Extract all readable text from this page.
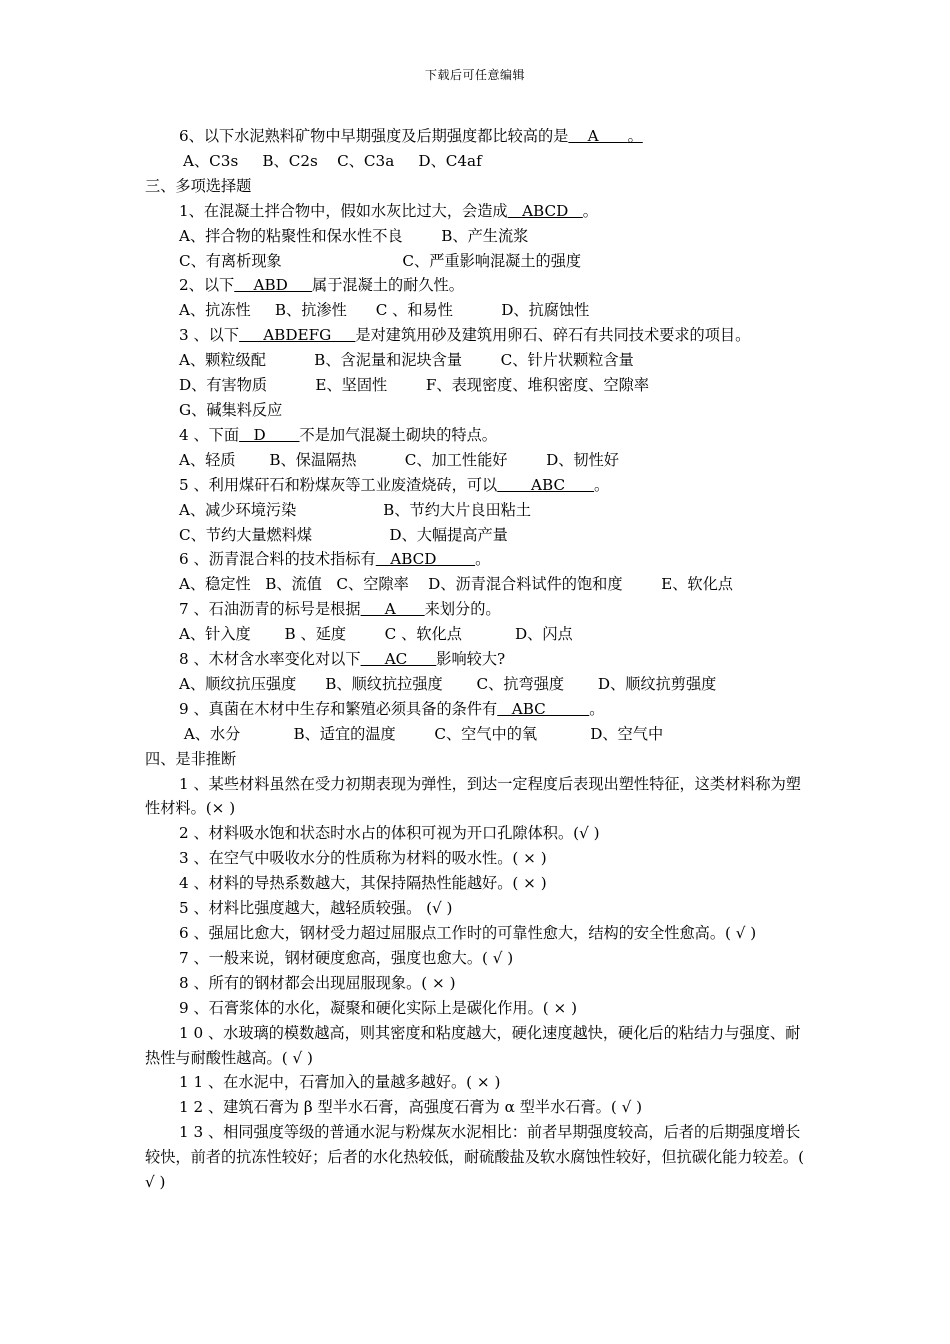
下载后可任意编辑
6、以下水泥熟料矿物中早期强度及后期强度都比较高的是    A      。
A、C3s     B、C2s    C、C3a     D、C4af
三、多项选择题
1、在混凝土拌合物中，假如水灰比过大，会造成   ABCD   。
A、拌合物的粘聚性和保水性不良        B、产生流浆
C、有离析现象                         C、严重影响混凝土的强度
2、以下    ABD     属于混凝土的耐久性。
A、抗冻性     B、抗渗性      C 、和易性          D、抗腐蚀性
3 、以下     ABDEFG     是对建筑用砂及建筑用卵石、碎石有共同技术要求的项目。
A、颗粒级配          B、含泥量和泥块含量        C、针片状颗粒含量
D、有害物质          E、坚固性        F、表现密度、堆积密度、空隙率
G、碱集料反应
4 、下面   D       不是加气混凝土砌块的特点。
A、轻质       B、保温隔热          C、加工性能好        D、韧性好
5 、利用煤矸石和粉煤灰等工业废渣烧砖，可以       ABC      。
A、减少环境污染                  B、节约大片良田粘土
C、节约大量燃料煤                D、大幅提高产量
6 、沥青混合料的技术指标有   ABCD        。
A、稳定性   B、流值   C、空隙率    D、沥青混合料试件的饱和度        E、软化点
7 、石油沥青的标号是根据     A      来划分的。
A、针入度       B 、延度        C 、软化点           D、闪点
8 、木材含水率变化对以下     AC      影响较大?
A、顺纹抗压强度      B、顺纹抗拉强度       C、抗弯强度       D、顺纹抗剪强度
9 、真菌在木材中生存和繁殖必须具备的条件有   ABC         。
A、水分           B、适宜的温度        C、空气中的氧           D、空气中
四、是非推断
1 、某些材料虽然在受力初期表现为弹性，到达一定程度后表现出塑性特征，这类材料称为塑性材料。(× )
2 、材料吸水饱和状态时水占的体积可视为开口孔隙体积。(√ )
3 、在空气中吸收水分的性质称为材料的吸水性。( × )
4 、材料的导热系数越大，其保持隔热性能越好。( × )
5 、材料比强度越大，越轻质较强。 (√ )
6 、强屈比愈大，钢材受力超过屈服点工作时的可靠性愈大，结构的安全性愈高。( √ )
7 、一般来说，钢材硬度愈高，强度也愈大。( √ )
8 、所有的钢材都会出现屈服现象。( × )
9 、石膏浆体的水化，凝聚和硬化实际上是碳化作用。( × )
1 0 、水玻璃的模数越高，则其密度和粘度越大，硬化速度越快，硬化后的粘结力与强度、耐热性与耐酸性越高。( √ )
1 1 、在水泥中，石膏加入的量越多越好。( × )
1 2 、建筑石膏为 β 型半水石膏，高强度石膏为 α 型半水石膏。( √ )
1 3 、相同强度等级的普通水泥与粉煤灰水泥相比：前者早期强度较高，后者的后期强度增长较快，前者的抗冻性较好；后者的水化热较低，耐硫酸盐及软水腐蚀性较好，但抗碳化能力较差。( √ )
